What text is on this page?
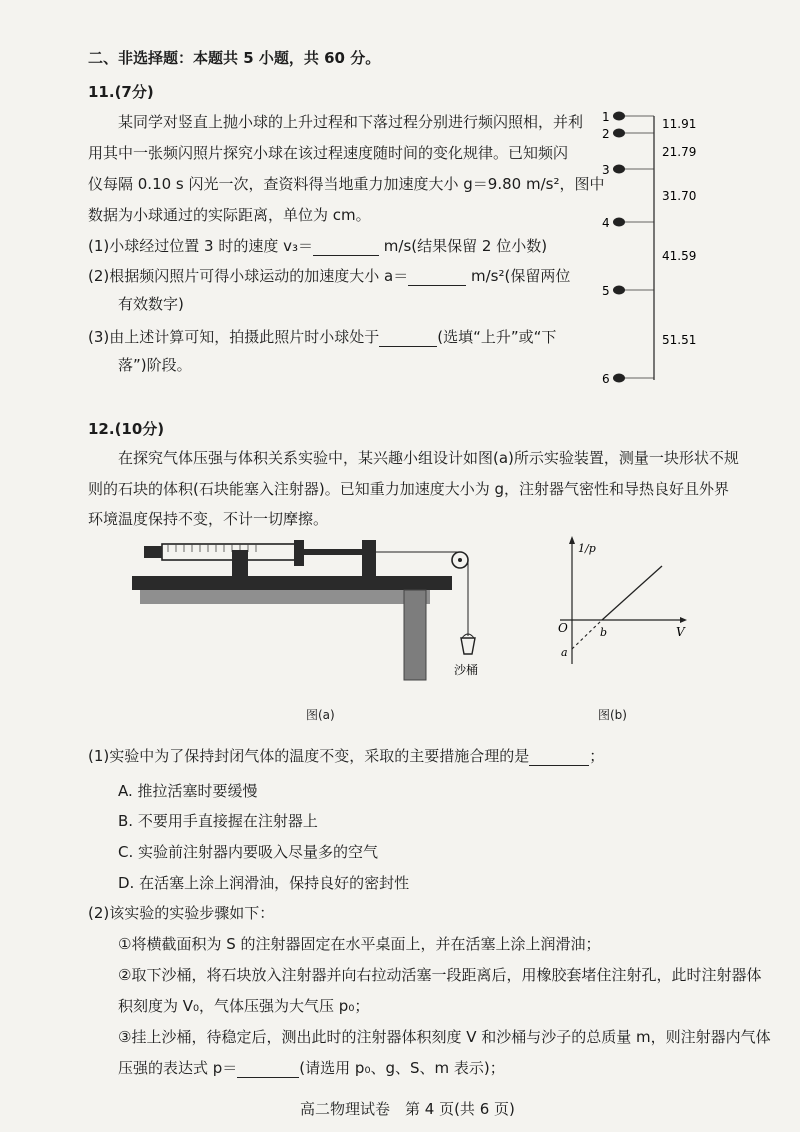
二、非选择题：本题共 5 小题，共 60 分。
11.(7分)
某同学对竖直上抛小球的上升过程和下落过程分别进行频闪照相，并利
用其中一张频闪照片探究小球在该过程速度随时间的变化规律。已知频闪
仪每隔 0.10 s 闪光一次，查资料得当地重力加速度大小 g＝9.80 m/s²，图中
数据为小球通过的实际距离，单位为 cm。
(1)小球经过位置 3 时的速度 v₃＝	m/s(结果保留 2 位小数)
(2)根据频闪照片可得小球运动的加速度大小 a＝	m/s²(保留两位
有效数字)
(3)由上述计算可知，拍摄此照片时小球处于	(选填“上升”或“下
落”)阶段。
1
2
3
4
5
6
11.91
21.79
31.70
41.59
51.51
12.(10分)
在探究气体压强与体积关系实验中，某兴趣小组设计如图(a)所示实验装置，测量一块形状不规
则的石块的体积(石块能塞入注射器)。已知重力加速度大小为 g，注射器气密性和导热良好且外界
环境温度保持不变，不计一切摩擦。
沙桶
图(a)
1/p
V
O	b
a
图(b)
(1)实验中为了保持封闭气体的温度不变，采取的主要措施合理的是	；
A. 推拉活塞时要缓慢
B. 不要用手直接握在注射器上
C. 实验前注射器内要吸入尽量多的空气
D. 在活塞上涂上润滑油，保持良好的密封性
(2)该实验的实验步骤如下：
①将横截面积为 S 的注射器固定在水平桌面上，并在活塞上涂上润滑油；
②取下沙桶，将石块放入注射器并向右拉动活塞一段距离后，用橡胶套堵住注射孔，此时注射器体
积刻度为 V₀，气体压强为大气压 p₀；
③挂上沙桶，待稳定后，测出此时的注射器体积刻度 V 和沙桶与沙子的总质量 m，则注射器内气体
压强的表达式 p＝	(请选用 p₀、g、S、m 表示)；
高二物理试卷　第 4 页(共 6 页)
